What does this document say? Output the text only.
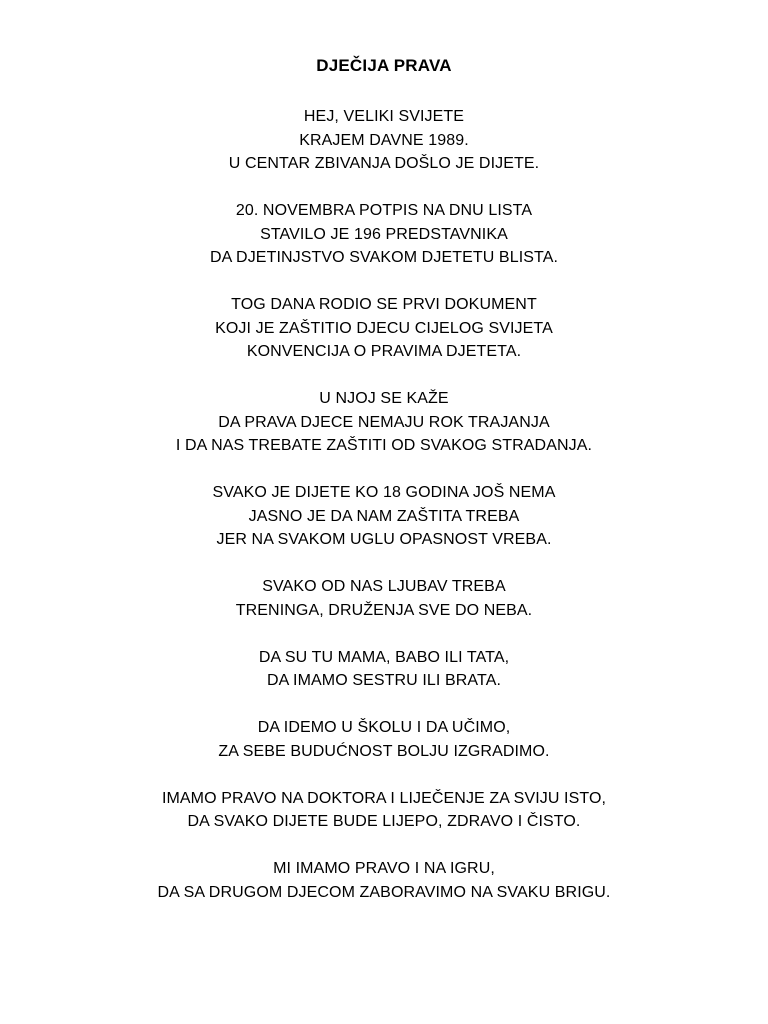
DJEČIJA PRAVA
HEJ, VELIKI SVIJETE
KRAJEM DAVNE 1989.
U CENTAR ZBIVANJA DOŠLO JE DIJETE.
20. NOVEMBRA POTPIS NA DNU LISTA
STAVILO JE 196 PREDSTAVNIKA
DA DJETINJSTVO SVAKOM DJETETU BLISTA.
TOG DANA RODIO SE PRVI DOKUMENT
KOJI JE ZAŠTITIO DJECU CIJELOG SVIJETA
KONVENCIJA O PRAVIMA DJETETA.
U NJOJ SE KAŽE
DA PRAVA DJECE NEMAJU ROK TRAJANJA
I DA NAS TREBATE ZAŠTITI OD SVAKOG STRADANJA.
SVAKO JE DIJETE KO 18 GODINA JOŠ NEMA
JASNO JE DA NAM ZAŠTITA TREBA
JER NA SVAKOM UGLU OPASNOST VREBA.
SVAKO OD NAS LJUBAV TREBA
TRENINGA, DRUŽENJA SVE DO NEBA.
DA SU TU MAMA, BABO ILI TATA,
DA IMAMO SESTRU ILI BRATA.
DA IDEMO U ŠKOLU I DA UČIMO,
ZA SEBE BUDUĆNOST BOLJU IZGRADIMO.
IMAMO PRAVO NA DOKTORA I LIJEČENJE ZA SVIJU ISTO,
DA SVAKO DIJETE BUDE LIJEPO, ZDRAVO I ČISTO.
MI IMAMO PRAVO I NA IGRU,
DA SA DRUGOM DJECOM ZABORAVIMO NA SVAKU BRIGU.
